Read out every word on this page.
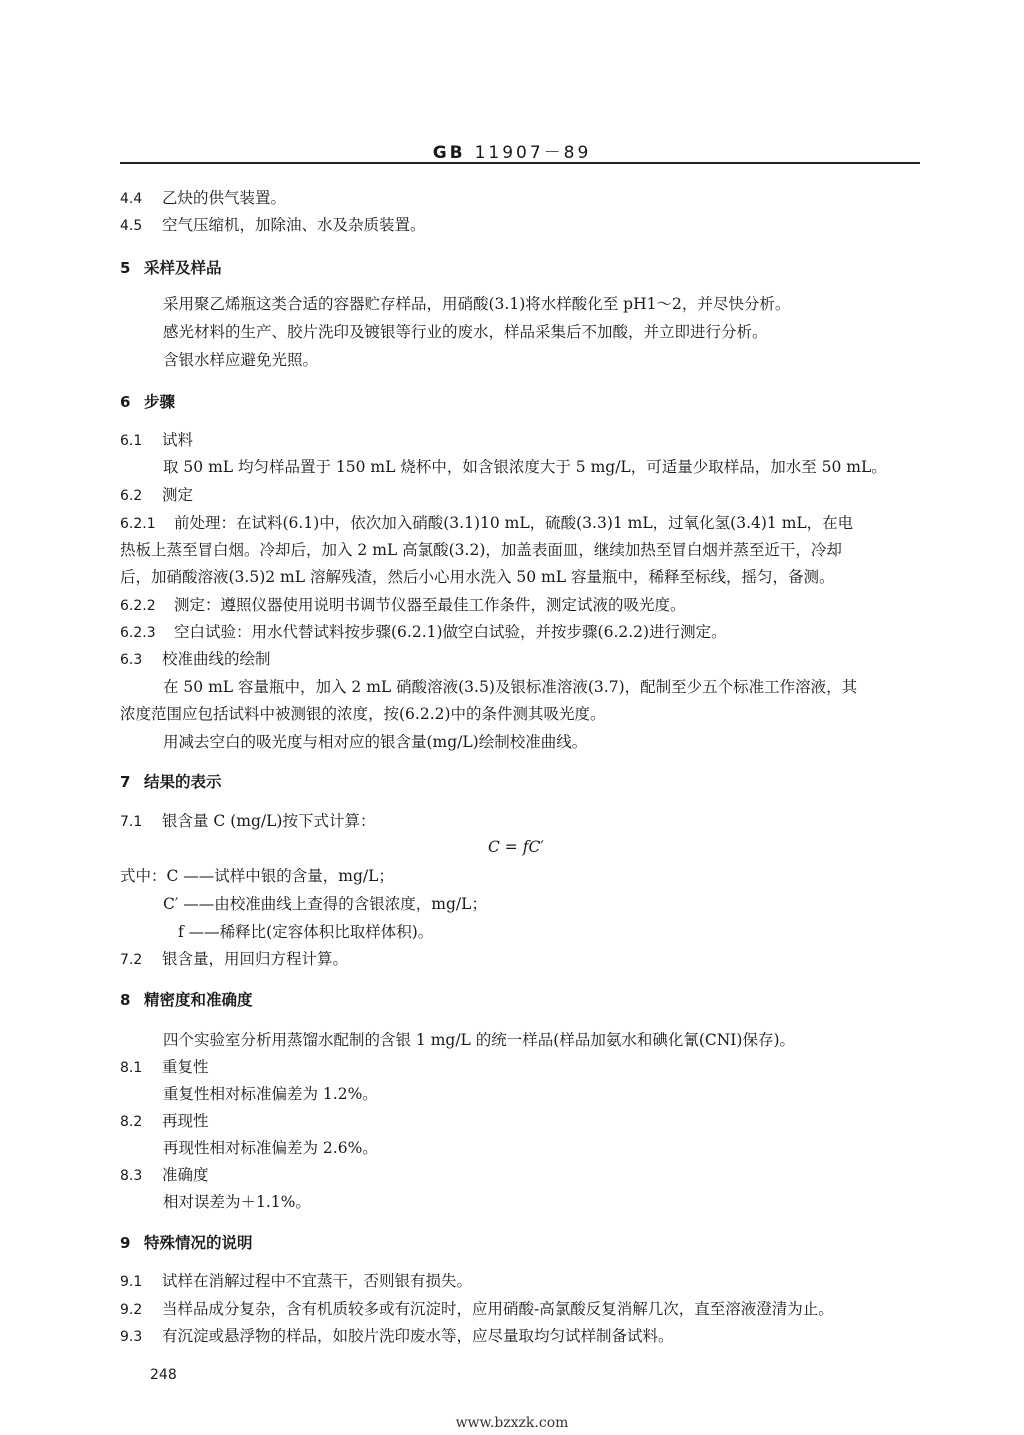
GB 11907－89
4.4 乙炔的供气装置。
4.5 空气压缩机，加除油、水及杂质装置。
5 采样及样品
采用聚乙烯瓶这类合适的容器贮存样品，用硝酸(3.1)将水样酸化至 pH1～2，并尽快分析。
感光材料的生产、胶片洗印及镀银等行业的废水，样品采集后不加酸，并立即进行分析。
含银水样应避免光照。
6 步骤
6.1 试料
取 50 mL 均匀样品置于 150 mL 烧杯中，如含银浓度大于 5 mg/L，可适量少取样品，加水至 50 mL。
6.2 测定
6.2.1 前处理：在试料(6.1)中，依次加入硝酸(3.1)10 mL，硫酸(3.3)1 mL，过氧化氢(3.4)1 mL，在电
热板上蒸至冒白烟。冷却后，加入 2 mL 高氯酸(3.2)，加盖表面皿，继续加热至冒白烟并蒸至近干，冷却
后，加硝酸溶液(3.5)2 mL 溶解残渣，然后小心用水洗入 50 mL 容量瓶中，稀释至标线，摇匀，备测。
6.2.2 测定：遵照仪器使用说明书调节仪器至最佳工作条件，测定试液的吸光度。
6.2.3 空白试验：用水代替试料按步骤(6.2.1)做空白试验，并按步骤(6.2.2)进行测定。
6.3 校准曲线的绘制
在 50 mL 容量瓶中，加入 2 mL 硝酸溶液(3.5)及银标准溶液(3.7)，配制至少五个标准工作溶液，其
浓度范围应包括试料中被测银的浓度，按(6.2.2)中的条件测其吸光度。
用减去空白的吸光度与相对应的银含量(mg/L)绘制校准曲线。
7 结果的表示
7.1 银含量 C (mg/L)按下式计算：
C = fC′
式中：C ——试样中银的含量，mg/L；
C′ ——由校准曲线上查得的含银浓度，mg/L；
f ——稀释比(定容体积比取样体积)。
7.2 银含量，用回归方程计算。
8 精密度和准确度
四个实验室分析用蒸馏水配制的含银 1 mg/L 的统一样品(样品加氨水和碘化氰(CNI)保存)。
8.1 重复性
重复性相对标准偏差为 1.2%。
8.2 再现性
再现性相对标准偏差为 2.6%。
8.3 准确度
相对误差为＋1.1%。
9 特殊情况的说明
9.1 试样在消解过程中不宜蒸干，否则银有损失。
9.2 当样品成分复杂，含有机质较多或有沉淀时，应用硝酸-高氯酸反复消解几次，直至溶液澄清为止。
9.3 有沉淀或悬浮物的样品，如胶片洗印废水等，应尽量取均匀试样制备试料。
248
www.bzxzk.com
